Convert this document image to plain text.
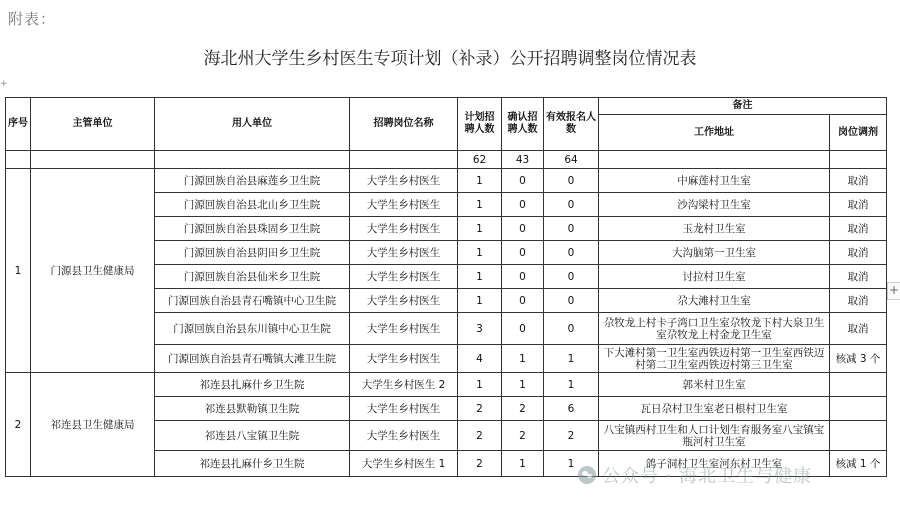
附表：
海北州大学生乡村医生专项计划（补录）公开招聘调整岗位情况表
+
+
序号	主管单位	用人单位	招聘岗位名称	计划招聘人数	确认招聘人数	有效报名人数	备注	
							工作地址	岗位调剂
				62	43	64		
1	门源县卫生健康局	门源回族自治县麻莲乡卫生院	大学生乡村医生	1	0	0	中麻莲村卫生室	取消
		门源回族自治县北山乡卫生院	大学生乡村医生	1	0	0	沙沟梁村卫生室	取消
		门源回族自治县珠固乡卫生院	大学生乡村医生	1	0	0	玉龙村卫生室	取消
		门源回族自治县阴田乡卫生院	大学生乡村医生	1	0	0	大沟脑第一卫生室	取消
		门源回族自治县仙米乡卫生院	大学生乡村医生	1	0	0	讨拉村卫生室	取消
		门源回族自治县青石嘴镇中心卫生院	大学生乡村医生	1	0	0	尕大滩村卫生室	取消
		门源回族自治县东川镇中心卫生院	大学生乡村医生	3	0	0	尕牧龙上村卡子湾口卫生室尕牧龙下村大泉卫生室尕牧龙上村金龙卫生室	取消
		门源回族自治县青石嘴镇大滩卫生院	大学生乡村医生	4	1	1	下大滩村第一卫生室西铁迈村第一卫生室西铁迈村第二卫生室西铁迈村第三卫生室	核减 3 个
2	祁连县卫生健康局	祁连县扎麻什乡卫生院	大学生乡村医生 2	1	1	1	郭米村卫生室	
		祁连县默勒镇卫生院	大学生乡村医生	2	2	6	瓦日尕村卫生室老日根村卫生室	
		祁连县八宝镇卫生院	大学生乡村医生	2	2	2	八宝镇西村卫生和人口计划生育服务室八宝镇宝瓶河村卫生室	
		祁连县扎麻什乡卫生院	大学生乡村医生 1	2	1	1	鸽子洞村卫生室河东村卫生室	核减 1 个
公众号 · 海北卫生与健康
